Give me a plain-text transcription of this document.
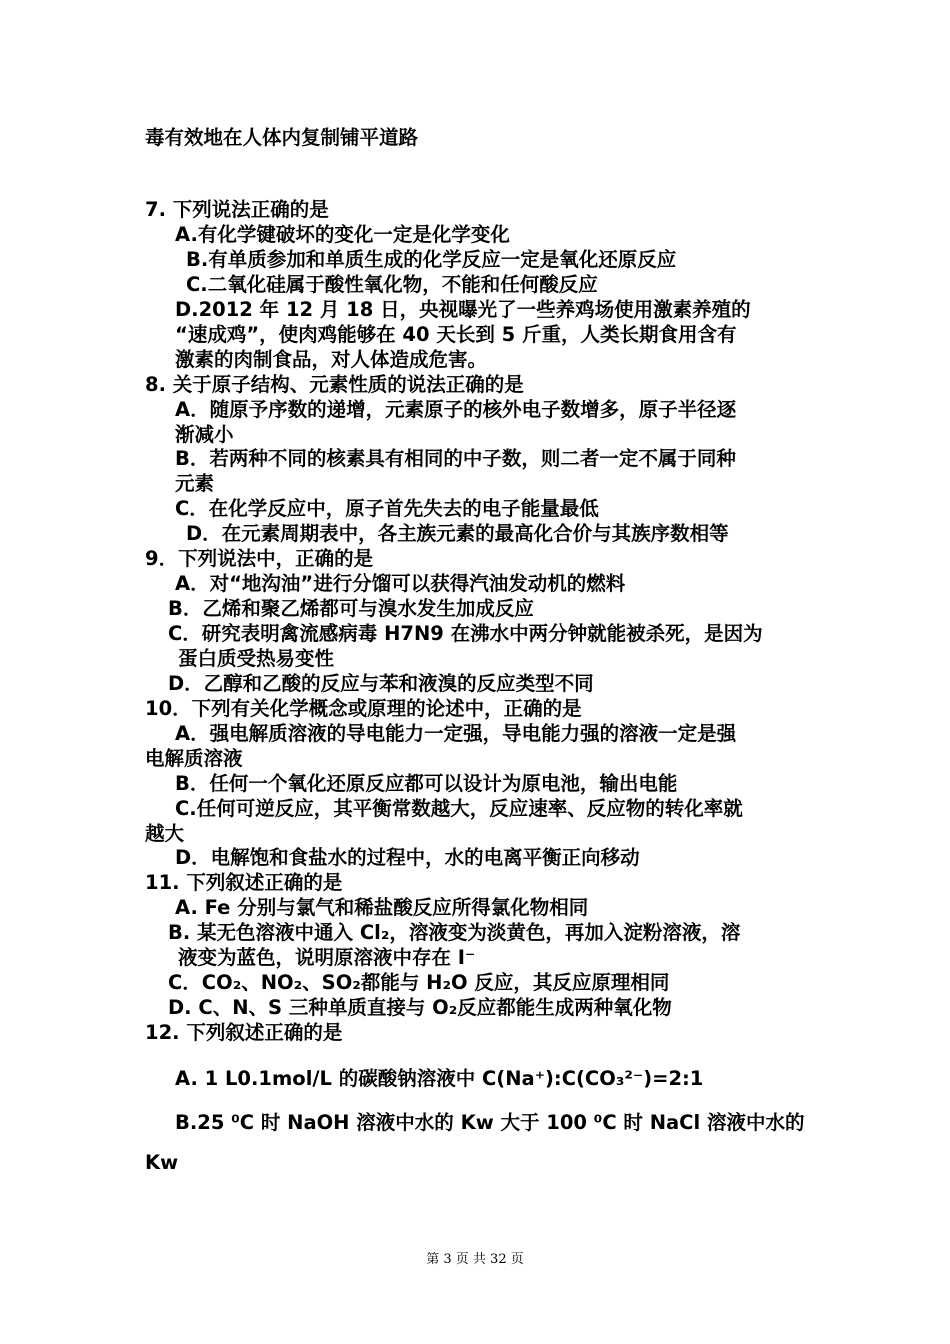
毒有效地在人体内复制铺平道路
7. 下列说法正确的是
A.有化学键破坏的变化一定是化学变化
B.有单质参加和单质生成的化学反应一定是氧化还原反应
C.二氧化硅属于酸性氧化物，不能和任何酸反应
D.2012 年 12 月 18 日，央视曝光了一些养鸡场使用激素养殖的
“速成鸡”，使肉鸡能够在 40 天长到 5 斤重，人类长期食用含有
激素的肉制食品，对人体造成危害。
8. 关于原子结构、元素性质的说法正确的是
A．随原予序数的递增，元素原子的核外电子数增多，原子半径逐
渐减小
B．若两种不同的核素具有相同的中子数，则二者一定不属于同种
元素
C．在化学反应中，原子首先失去的电子能量最低
D．在元素周期表中，各主族元素的最高化合价与其族序数相等
9．下列说法中，正确的是
A．对“地沟油”进行分馏可以获得汽油发动机的燃料
B．乙烯和聚乙烯都可与溴水发生加成反应
C．研究表明禽流感病毒 H7N9 在沸水中两分钟就能被杀死，是因为
蛋白质受热易变性
D．乙醇和乙酸的反应与苯和液溴的反应类型不同
10．下列有关化学概念或原理的论述中，正确的是
A．强电解质溶液的导电能力一定强，导电能力强的溶液一定是强
电解质溶液
B．任何一个氧化还原反应都可以设计为原电池，输出电能
C.任何可逆反应，其平衡常数越大，反应速率、反应物的转化率就
越大
D．电解饱和食盐水的过程中，水的电离平衡正向移动
11. 下列叙述正确的是
A. Fe 分别与氯气和稀盐酸反应所得氯化物相同
B. 某无色溶液中通入 Cl₂，溶液变为淡黄色，再加入淀粉溶液，溶
液变为蓝色，说明原溶液中存在 I⁻
C．CO₂、NO₂、SO₂都能与 H₂O 反应，其反应原理相同
D. C、N、S 三种单质直接与 O₂反应都能生成两种氧化物
12. 下列叙述正确的是
A. 1 L0.1mol/L 的碳酸钠溶液中 C(Na⁺):C(CO₃²⁻)=2:1
B.25 ⁰C 时 NaOH 溶液中水的 Kw 大于 100 ⁰C 时 NaCl 溶液中水的
Kw
第 3 页 共 32 页
